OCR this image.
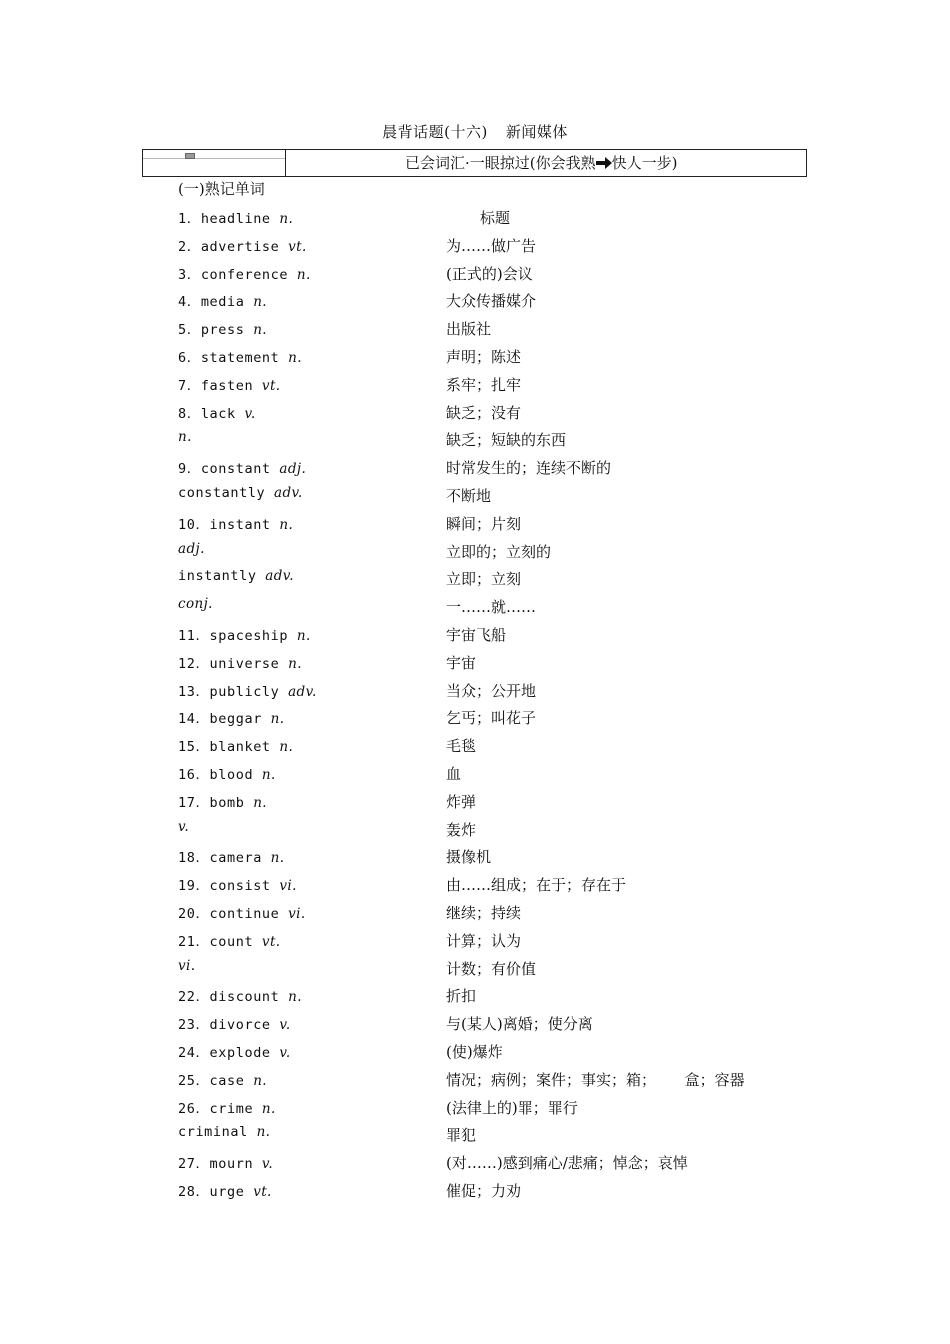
晨背话题(十六) 新闻媒体
已会词汇·一眼掠过(你会我熟 快人一步)
(一)熟记单词
1．headline n.	标题
2．advertise vt.	为……做广告
3．conference n.	(正式的)会议
4．media n.	大众传播媒介
5．press n.	出版社
6．statement n.	声明；陈述
7．fasten vt.	系牢；扎牢
8．lack v.	缺乏；没有
n.	缺乏；短缺的东西
9．constant adj.	时常发生的；连续不断的
constantly adv.	不断地
10．instant n.	瞬间；片刻
adj.	立即的；立刻的
instantly adv.	立即；立刻
conj.	一……就……
11．spaceship n.	宇宙飞船
12．universe n.	宇宙
13．publicly adv.	当众；公开地
14．beggar n.	乞丐；叫花子
15．blanket n.	毛毯
16．blood n.	血
17．bomb n.	炸弹
v.	轰炸
18．camera n.	摄像机
19．consist vi.	由……组成；在于；存在于
20．continue vi.	继续；持续
21．count vt.	计算；认为
vi.	计数；有价值
22．discount n.	折扣
23．divorce v.	与(某人)离婚；使分离
24．explode v.	(使)爆炸
25．case n.	情况；病例；案件；事实；箱；      盒；容器
26．crime n.	(法律上的)罪；罪行
criminal n.	罪犯
27．mourn v.	(对……)感到痛心/悲痛；悼念；哀悼
28．urge vt.	催促；力劝
